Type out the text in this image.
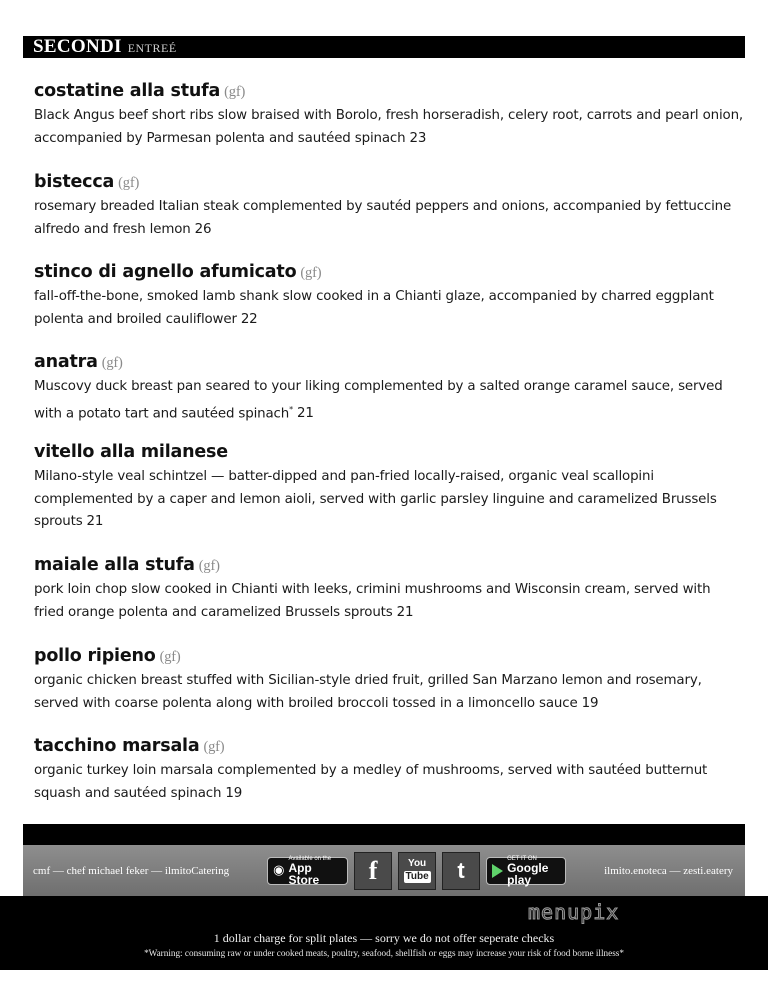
SECONDI ENTREÉ
costatine alla stufa (gf)
Black Angus beef short ribs slow braised with Borolo, fresh horseradish, celery root, carrots and pearl onion, accompanied by Parmesan polenta and sautéed spinach 23
bistecca (gf)
rosemary breaded Italian steak complemented by sautéd peppers and onions, accompanied by fettuccine alfredo and fresh lemon 26
stinco di agnello afumicato (gf)
fall-off-the-bone, smoked lamb shank slow cooked in a Chianti glaze, accompanied by charred eggplant polenta and broiled cauliflower 22
anatra (gf)
Muscovy duck breast pan seared to your liking complemented by a salted orange caramel sauce, served with a potato tart and sautéed spinach* 21
vitello alla milanese
Milano-style veal schintzel — batter-dipped and pan-fried locally-raised, organic veal scallopini complemented by a caper and lemon aioli, served with garlic parsley linguine and caramelized Brussels sprouts 21
maiale alla stufa (gf)
pork loin chop slow cooked in Chianti with leeks, crimini mushrooms and Wisconsin cream, served with fried orange polenta and caramelized Brussels sprouts 21
pollo ripieno (gf)
organic chicken breast stuffed with Sicilian-style dried fruit, grilled San Marzano lemon and rosemary, served with coarse polenta along with broiled broccoli tossed in a limoncello sauce 19
tacchino marsala (gf)
organic turkey loin marsala complemented by a medley of mushrooms, served with sautéed butternut squash and sautéed spinach 19
cmf — chef michael feker — ilmitoCatering	◉
Available on the
App Store	f	You
Tube	t	GET IT ON
Google play
ilmito.enoteca — zesti.eatery
1 dollar charge for split plates — sorry we do not offer seperate checks
*Warning: consuming raw or under cooked meats, poultry, seafood, shellfish or eggs may increase your risk of food borne illness*
menupix
